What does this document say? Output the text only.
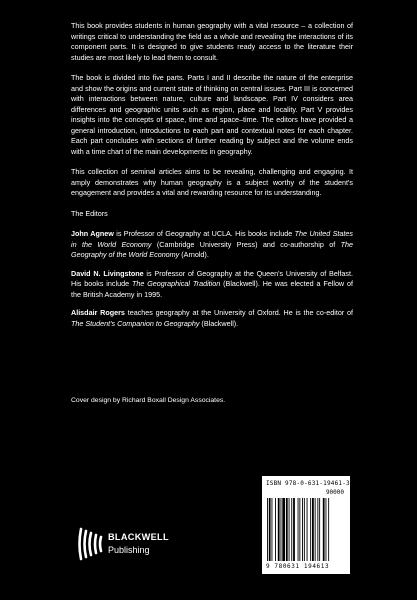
This book provides students in human geography with a vital resource – a collection of writings critical to understanding the field as a whole and revealing the interactions of its component parts. It is designed to give students ready access to the literature their studies are most likely to lead them to consult.

The book is divided into five parts. Parts I and II describe the nature of the enterprise and show the origins and current state of thinking on central issues. Part III is concerned with interactions between nature, culture and landscape. Part IV considers area differences and geographic units such as region, place and locality. Part V provides insights into the concepts of space, time and space–time. The editors have provided a general introduction, introductions to each part and contextual notes for each chapter. Each part concludes with sections of further reading by subject and the volume ends with a time chart of the main developments in geography.

This collection of seminal articles aims to be revealing, challenging and engaging. It amply demonstrates why human geography is a subject worthy of the student's engagement and provides a vital and rewarding resource for its understanding.

The Editors

John Agnew is Professor of Geography at UCLA. His books include The United States in the World Economy (Cambridge University Press) and co-authorship of The Geography of the World Economy (Arnold).

David N. Livingstone is Professor of Geography at the Queen's University of Belfast. His books include The Geographical Tradition (Blackwell). He was elected a Fellow of the British Academy in 1995.

Alisdair Rogers teaches geography at the University of Oxford. He is the co-editor of The Student's Companion to Geography (Blackwell).

Cover design by Richard Boxall Design Associates.
BLACKWELL
Publishing
ISBN 978-0-631-19461-3
90000
9 780631 194613
